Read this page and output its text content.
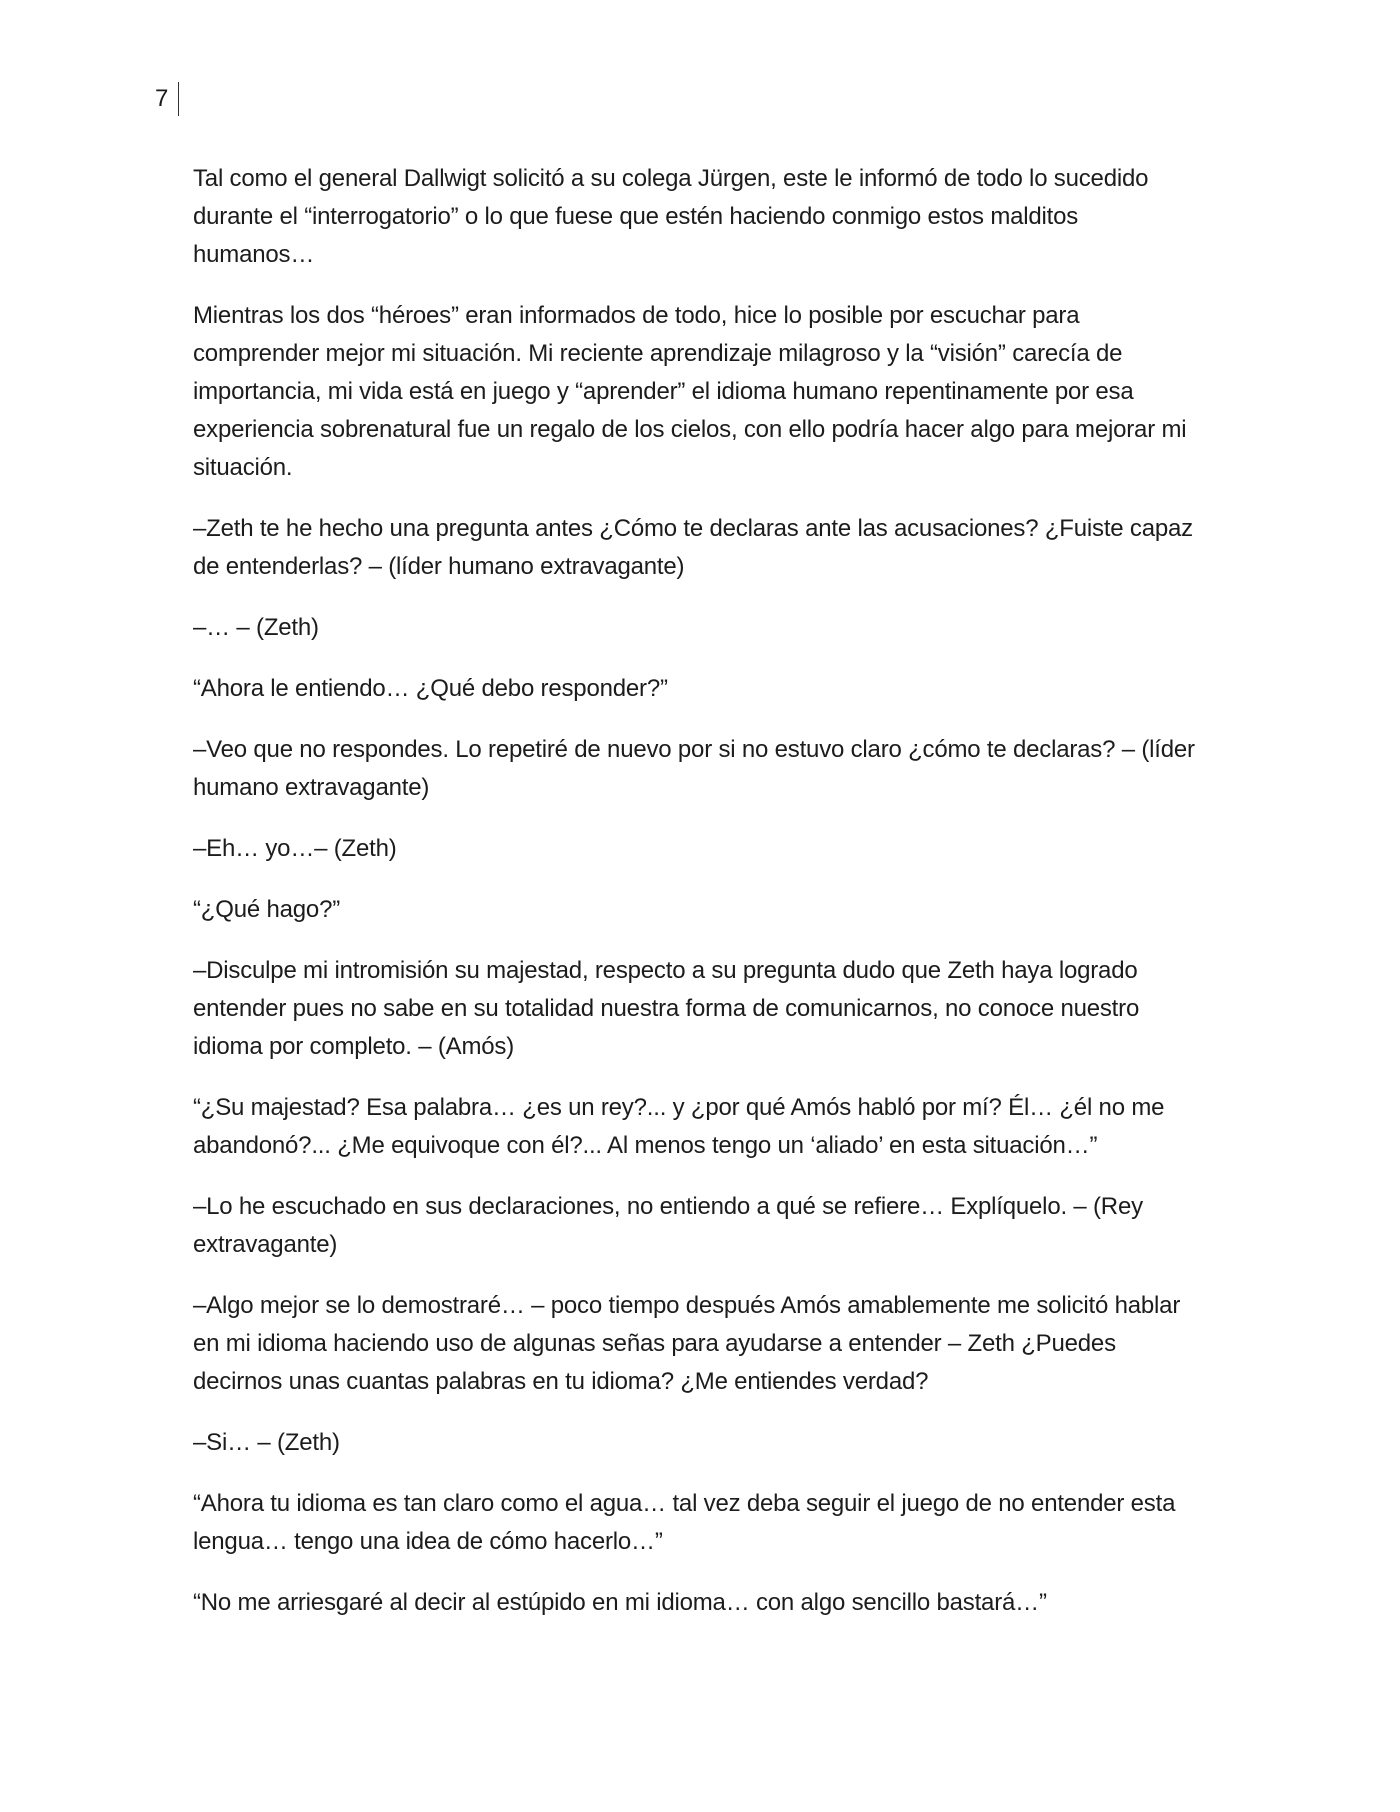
7

Tal como el general Dallwigt solicitó a su colega Jürgen, este le informó de todo lo sucedido durante el “interrogatorio” o lo que fuese que estén haciendo conmigo estos malditos humanos…

Mientras los dos “héroes” eran informados de todo, hice lo posible por escuchar para comprender mejor mi situación. Mi reciente aprendizaje milagroso y la “visión” carecía de importancia, mi vida está en juego y “aprender” el idioma humano repentinamente por esa experiencia sobrenatural fue un regalo de los cielos, con ello podría hacer algo para mejorar mi situación.

–Zeth te he hecho una pregunta antes ¿Cómo te declaras ante las acusaciones? ¿Fuiste capaz de entenderlas? – (líder humano extravagante)

–… – (Zeth)

“Ahora le entiendo… ¿Qué debo responder?”

–Veo que no respondes. Lo repetiré de nuevo por si no estuvo claro ¿cómo te declaras? – (líder humano extravagante)

–Eh… yo…– (Zeth)

“¿Qué hago?”

–Disculpe mi intromisión su majestad, respecto a su pregunta dudo que Zeth haya logrado entender pues no sabe en su totalidad nuestra forma de comunicarnos, no conoce nuestro idioma por completo. – (Amós)

“¿Su majestad? Esa palabra… ¿es un rey?... y ¿por qué Amós habló por mí? Él… ¿él no me abandonó?... ¿Me equivoque con él?... Al menos tengo un ‘aliado’ en esta situación…”

–Lo he escuchado en sus declaraciones, no entiendo a qué se refiere… Explíquelo. – (Rey extravagante)

–Algo mejor se lo demostraré… – poco tiempo después Amós amablemente me solicitó hablar en mi idioma haciendo uso de algunas señas para ayudarse a entender – Zeth ¿Puedes decirnos unas cuantas palabras en tu idioma? ¿Me entiendes verdad?

–Si… – (Zeth)

“Ahora tu idioma es tan claro como el agua… tal vez deba seguir el juego de no entender esta lengua… tengo una idea de cómo hacerlo…”

“No me arriesgaré al decir al estúpido en mi idioma… con algo sencillo bastará…”
